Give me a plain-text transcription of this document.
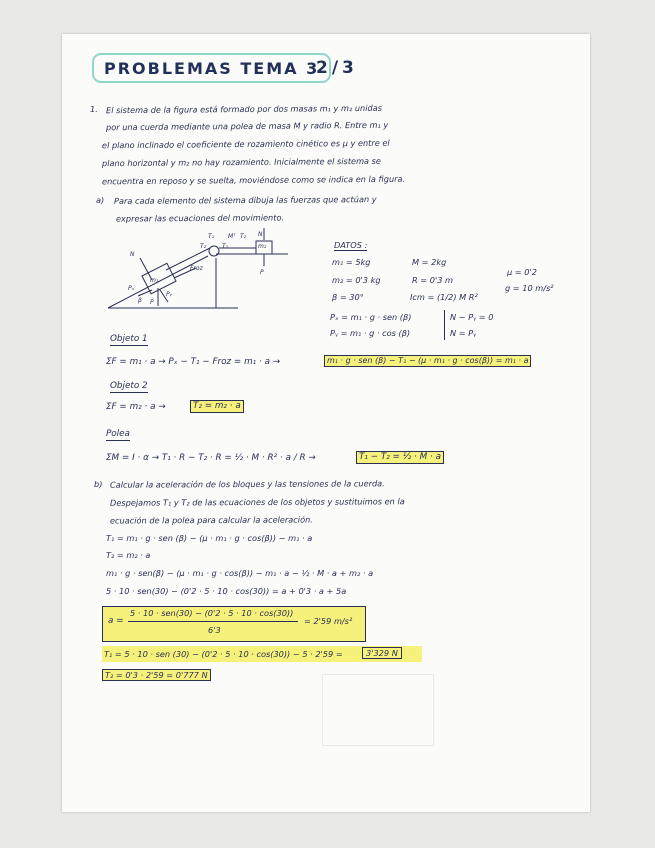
PROBLEMAS TEMA 3
2/3
1. El sistema de la figura está formado por dos masas m₁ y m₂ unidas
por una cuerda mediante una polea de masa M y radio R. Entre m₁ y
el plano inclinado el coeficiente de rozamiento cinético es μ y entre el
plano horizontal y m₂ no hay rozamiento. Inicialmente el sistema se
encuentra en reposo y se suelta, moviéndose como se indica en la figura.
a) Para cada elemento del sistema dibuja las fuerzas que actúan y
expresar las ecuaciones del movimiento.
T₁
T₂	T₁
Mᵀ T₂
N
N
m₂
P
m₁
Pₓ
Pᵧ
Froz
β P
DATOS :
m₁ = 5kg	M = 2kg
m₂ = 0'3 kg	R = 0'3 m
β = 30°	Icm = (1/2) M R²
μ = 0'2
g = 10 m/s²
Pₓ = m₁ · g · sen (β)
Pᵧ = m₁ · g · cos (β)
N − Pᵧ = 0
N = Pᵧ
Objeto 1
ΣF = m₁ · a → Pₓ − T₁ − Froz = m₁ · a →	m₁ · g · sen (β) − T₁ − (μ · m₁ · g · cos(β)) = m₁ · a
Objeto 2
ΣF = m₂ · a →	T₂ = m₂ · a
Polea
ΣM = I · α → T₁ · R − T₂ · R = ½ · M · R² · a / R →	T₁ − T₂ = ½ · M · a
b) Calcular la aceleración de los bloques y las tensiones de la cuerda.
Despejamos T₁ y T₂ de las ecuaciones de los objetos y sustituimos en la
ecuación de la polea para calcular la aceleración.
T₁ = m₁ · g · sen (β) − (μ · m₁ · g · cos(β)) − m₁ · a
T₂ = m₂ · a
m₁ · g · sen(β) − (μ · m₁ · g · cos(β)) − m₁ · a − ½ · M · a + m₂ · a
5 · 10 · sen(30) − (0'2 · 5 · 10 · cos(30)) = a + 0'3 · a + 5a
a =
5 · 10 · sen(30) − (0'2 · 5 · 10 · cos(30))
6'3
= 2'59 m/s²
T₁ = 5 · 10 · sen (30) − (0'2 · 5 · 10 · cos(30)) − 5 · 2'59 =	3'329 N
T₂ = 0'3 · 2'59 = 0'777 N
